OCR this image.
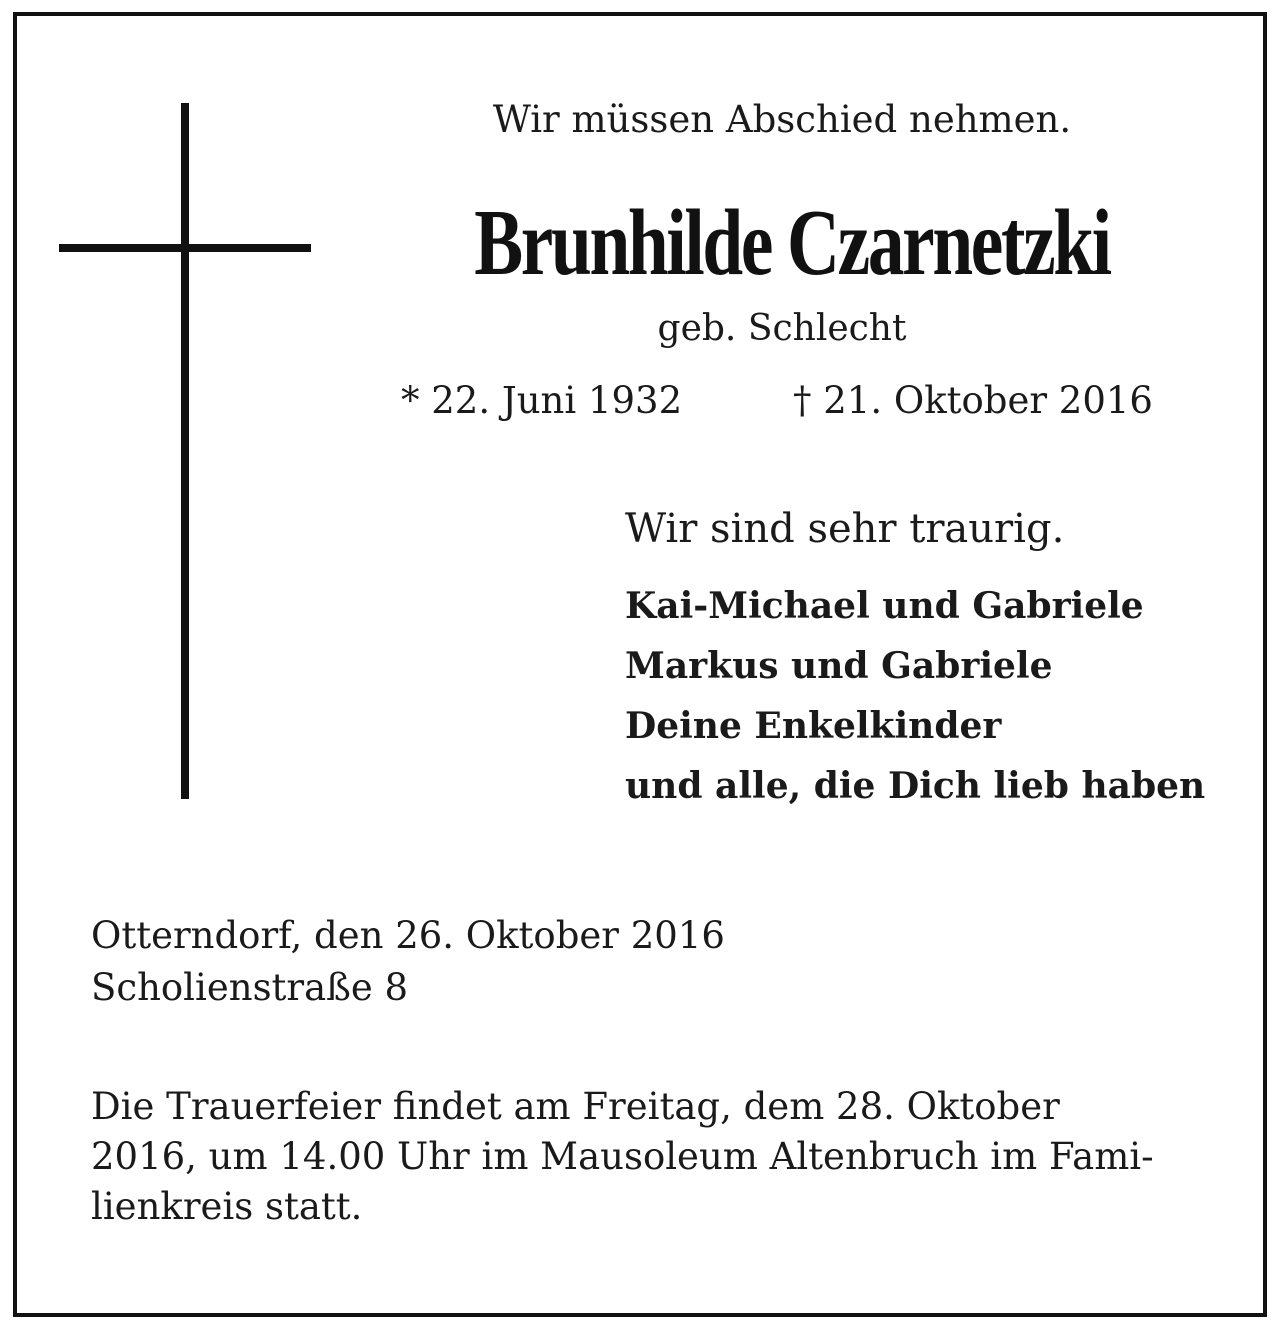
Wir müssen Abschied nehmen.
Brunhilde Czarnetzki
geb. Schlecht
* 22. Juni 1932	† 21. Oktober 2016
Wir sind sehr traurig.
Kai-Michael und Gabriele
Markus und Gabriele
Deine Enkelkinder
und alle, die Dich lieb haben
Otterndorf, den 26. Oktober 2016
Scholienstraße 8
Die Trauerfeier findet am Freitag, dem 28. Oktober
2016, um 14.00 Uhr im Mausoleum Altenbruch im Fami-
lienkreis statt.
